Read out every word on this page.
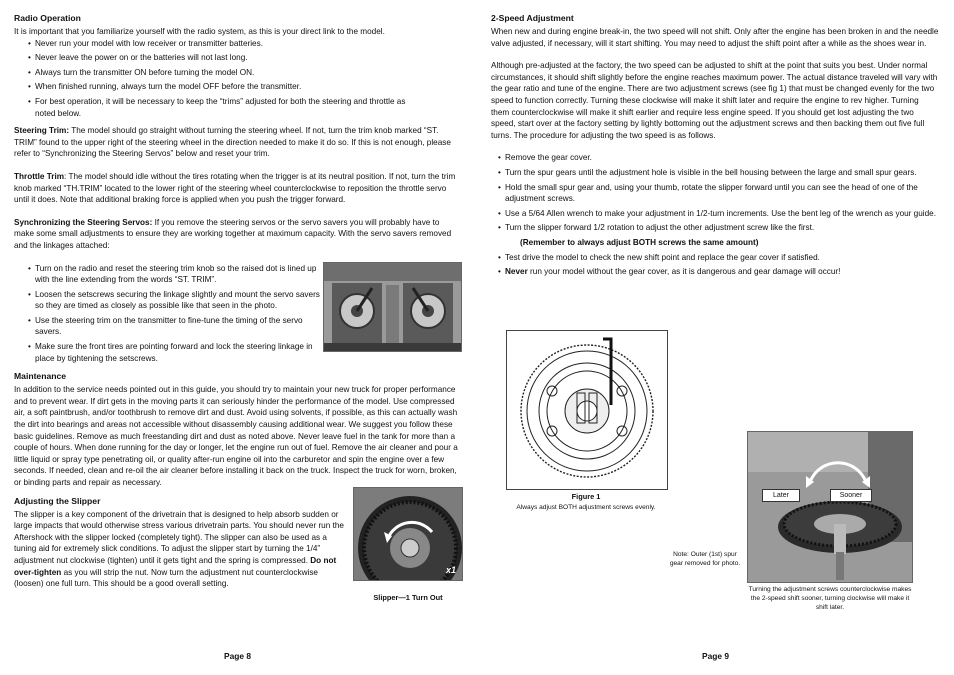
Radio Operation

It is important that you familiarize yourself with the radio system, as this is your direct link to the model.

• Never run your model with low receiver or transmitter batteries.
• Never leave the power on or the batteries will not last long.
• Always turn the transmitter ON before turning the model ON.
• When finished running, always turn the model OFF before the transmitter.
• For best operation, it will be necessary to keep the “trims” adjusted for both the steering and throttle as noted below.

Steering Trim: The model should go straight without turning the steering wheel. If not, turn the trim knob marked “ST. TRIM” found to the upper right of the steering wheel in the direction needed to make it do so. If this is not enough, please refer to “Synchronizing the Steering Servos” below and reset your trim.

Throttle Trim: The model should idle without the tires rotating when the trigger is at its neutral position. If not, turn the trim knob marked “TH.TRIM” located to the lower right of the steering wheel counterclockwise to reposition the throttle servo until it does. Note that additional braking force is applied when you push the trigger forward.

Synchronizing the Steering Servos: If you remove the steering servos or the servo savers you will probably have to make some small adjustments to ensure they are working together at maximum capacity. With the servo savers removed and the linkages attached:

• Turn on the radio and reset the steering trim knob so the raised dot is lined up with the line extending from the words “ST. TRIM”.
• Loosen the setscrews securing the linkage slightly and mount the servo savers so they are timed as closely as possible like that seen in the photo.
• Use the steering trim on the transmitter to fine-tune the timing of the servo savers.
• Make sure the front tires are pointing forward and lock the steering linkage in place by tightening the setscrews.
Maintenance

In addition to the service needs pointed out in this guide, you should try to maintain your new truck for proper performance and to prevent wear. If dirt gets in the moving parts it can seriously hinder the performance of the model. Use compressed air, a soft paintbrush, and/or toothbrush to remove dirt and dust. Avoid using solvents, if possible, as this can actually wash the dirt into bearings and areas not accessible without disassembly causing additional wear. We suggest you follow these basic guidelines. Remove as much freestanding dirt and dust as noted above. Never leave fuel in the tank for more than a couple of hours. When done running for the day or longer, let the engine run out of fuel. Remove the air cleaner and pour a little liquid or spray type penetrating oil, or quality after-run engine oil into the carburetor and spin the engine over a few seconds. If needed, clean and re-oil the air cleaner before installing it back on the truck. Inspect the truck for worn, broken, or binding parts and repair as necessary.

Adjusting the Slipper

The slipper is a key component of the drivetrain that is designed to help absorb sudden or large impacts that would otherwise stress various drivetrain parts. You should never run the Aftershock with the slipper locked (completely tight). The slipper can also be used as a tuning aid for extremely slick conditions. To adjust the slipper start by turning the 1/4” adjustment nut clockwise (tighten) until it gets tight and the spring is compressed. Do not over-tighten as you will strip the nut. Now turn the adjustment nut counterclockwise (loosen) one full turn. This should be a good overall setting.

x1
Slipper—1 Turn Out
Page 8
2-Speed Adjustment

When new and during engine break-in, the two speed will not shift. Only after the engine has been broken in and the needle valve adjusted, if necessary, will it start shifting. You may need to adjust the shift point after a while as the shoes wear in.

Although pre-adjusted at the factory, the two speed can be adjusted to shift at the point that suits you best. Under normal circumstances, it should shift slightly before the engine reaches maximum power. The actual distance traveled will vary with the gear ratio and tune of the engine. There are two adjustment screws (see fig 1) that must be changed evenly for the two speed to function correctly. Turning these clockwise will make it shift later and require the engine to rev higher. Turning them counterclockwise will make it shift earlier and require less engine speed. If you should get lost adjusting the two speed, start over at the factory setting by lightly bottoming out the adjustment screws and then backing them out five full turns. The procedure for adjusting the two speed is as follows.

• Remove the gear cover.
• Turn the spur gears until the adjustment hole is visible in the bell housing between the large and small spur gears.
• Hold the small spur gear and, using your thumb, rotate the slipper forward until you can see the head of one of the adjustment screws.
• Use a 5/64 Allen wrench to make your adjustment in 1/2-turn increments. Use the bent leg of the wrench as your guide.
• Turn the slipper forward 1/2 rotation to adjust the other adjustment screw like the first.

(Remember to always adjust BOTH screws the same amount)

• Test drive the model to check the new shift point and replace the gear cover if satisfied.
• Never run your model without the gear cover, as it is dangerous and gear damage will occur!
Figure 1
Always adjust BOTH adjustment screws evenly.
Later	Sooner
Note: Outer (1st) spur gear removed for photo.
Turning the adjustment screws counterclockwise makes the 2-speed shift sooner, turning clockwise will make it shift later.
Page 9
